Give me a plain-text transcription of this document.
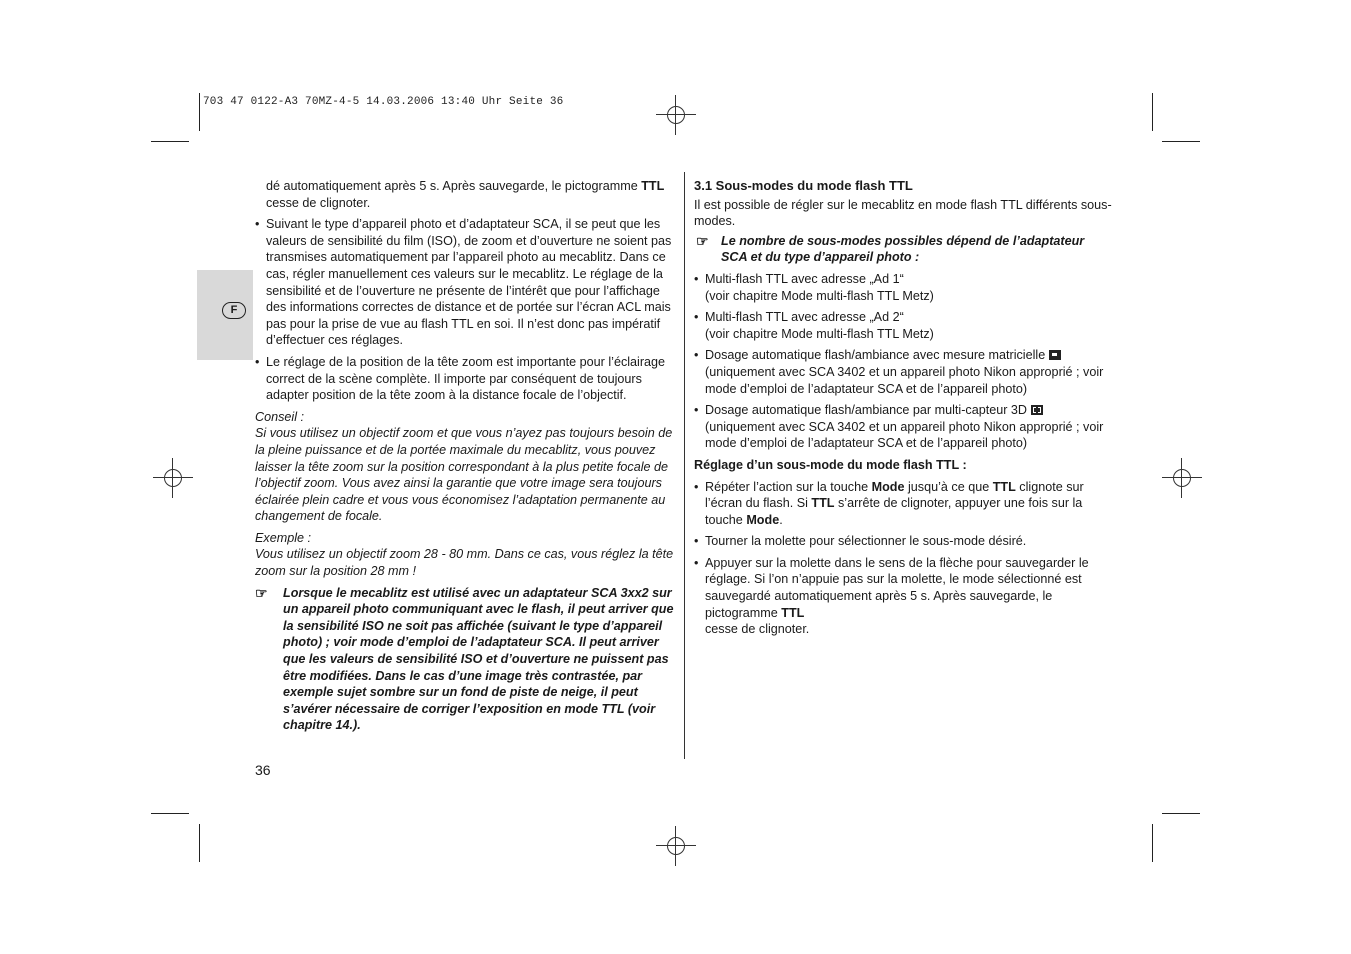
703 47 0122-A3 70MZ-4-5 14.03.2006 13:40 Uhr Seite 36
F

dé automatiquement après 5 s. Après sauvegarde, le pictogramme TTL
cesse de clignoter.

• Suivant le type d’appareil photo et d’adaptateur SCA, il se peut que les valeurs de sensibilité du film (ISO), de zoom et d’ouverture ne soient pas transmises automatiquement par l’appareil photo au mecablitz. Dans ce cas, régler manuellement ces valeurs sur le mecablitz. Le réglage de la sensibilité et de l’ouverture ne présente de l’intérêt que pour l’affichage des informations correctes de distance et de portée sur l’écran ACL mais pas pour la prise de vue au flash TTL en soi. Il n’est donc pas impératif d’effectuer ces réglages.

• Le réglage de la position de la tête zoom est importante pour l’éclairage correct de la scène complète. Il importe par conséquent de toujours adapter position de la tête zoom à la distance focale de l’objectif.

Conseil :

Si vous utilisez un objectif zoom et que vous n’ayez pas toujours besoin de la pleine puissance et de la portée maximale du mecablitz, vous pouvez laisser la tête zoom sur la position correspondant à la plus petite focale de l’objectif zoom. Vous avez ainsi la garantie que votre image sera toujours éclairée plein cadre et vous vous économisez l’adaptation permanente au changement de focale.

Exemple :

Vous utilisez un objectif zoom 28 - 80 mm. Dans ce cas, vous réglez la tête zoom sur la position 28 mm !

☞ Lorsque le mecablitz est utilisé avec un adaptateur SCA 3xx2 sur un appareil photo communiquant avec le flash, il peut arriver que la sensibilité ISO ne soit pas affichée (suivant le type d’appareil photo) ; voir mode d’emploi de l’adaptateur SCA. Il peut arriver que les valeurs de sensibilité ISO et d’ouverture ne puissent pas être modifiées. Dans le cas d’une image très contrastée, par exemple sujet sombre sur un fond de piste de neige, il peut s’avérer nécessaire de corriger l’exposition en mode TTL (voir chapitre 14.).

3.1 Sous-modes du mode flash TTL

Il est possible de régler sur le mecablitz en mode flash TTL différents sous-modes.

☞ Le nombre de sous-modes possibles dépend de l’adaptateur SCA et du type d’appareil photo :

• Multi-flash TTL avec adresse „Ad 1“
(voir chapitre Mode multi-flash TTL Metz)

• Multi-flash TTL avec adresse „Ad 2“
(voir chapitre Mode multi-flash TTL Metz)

• Dosage automatique flash/ambiance avec mesure matricielle(uniquement avec SCA 3402 et un appareil photo Nikon approprié ; voir mode d’emploi de l’adaptateur SCA et de l’appareil photo)

• Dosage automatique flash/ambiance par multi-capteur 3D(uniquement avec SCA 3402 et un appareil photo Nikon approprié ; voir mode d’emploi de l’adaptateur SCA et de l’appareil photo)

Réglage d’un sous-mode du mode flash TTL :

• Répéter l’action sur la touche Mode jusqu’à ce que TTL clignote sur l’écran du flash. Si TTL s’arrête de clignoter, appuyer une fois sur la touche Mode.

• Tourner la molette pour sélectionner le sous-mode désiré.

• Appuyer sur la molette dans le sens de la flèche pour sauvegarder le réglage. Si l’on n’appuie pas sur la molette, le mode sélectionné est sauvegardé automatiquement après 5 s. Après sauvegarde, le pictogramme TTL
cesse de clignoter.

36
